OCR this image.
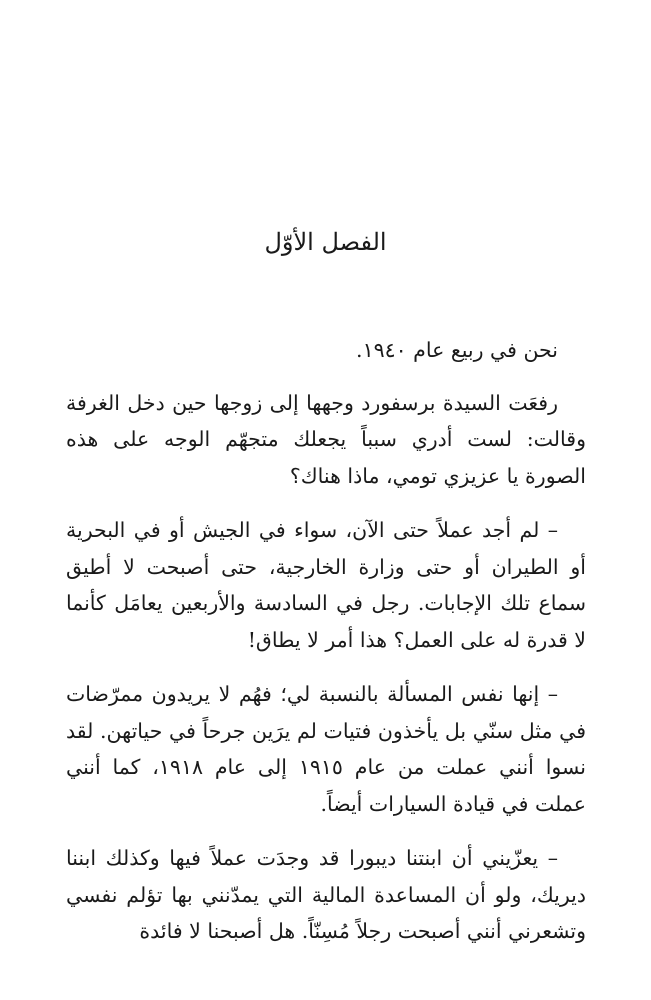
الفصل الأوّل

نحن في ربيع عام ١٩٤٠.

رفعَت السيدة برسفورد وجهها إلى زوجها حين دخل الغرفة وقالت: لست أدري سبباً يجعلك متجهّم الوجه على هذه الصورة يا عزيزي تومي، ماذا هناك؟

– لم أجد عملاً حتى الآن، سواء في الجيش أو في البحرية أو الطيران أو حتى وزارة الخارجية، حتى أصبحت لا أطيق سماع تلك الإجابات. رجل في السادسة والأربعين يعامَل كأنما لا قدرة له على العمل؟ هذا أمر لا يطاق!

– إنها نفس المسألة بالنسبة لي؛ فهُم لا يريدون ممرّضات في مثل سنّي بل يأخذون فتيات لم يرَين جرحاً في حياتهن. لقد نسوا أنني عملت من عام ١٩١٥ إلى عام ١٩١٨، كما أنني عملت في قيادة السيارات أيضاً.

– يعزّيني أن ابنتنا ديبورا قد وجدَت عملاً فيها وكذلك ابننا ديريك، ولو أن المساعدة المالية التي يمدّنني بها تؤلم نفسي وتشعرني أنني أصبحت رجلاً مُسِنّاً. هل أصبحنا لا فائدة
